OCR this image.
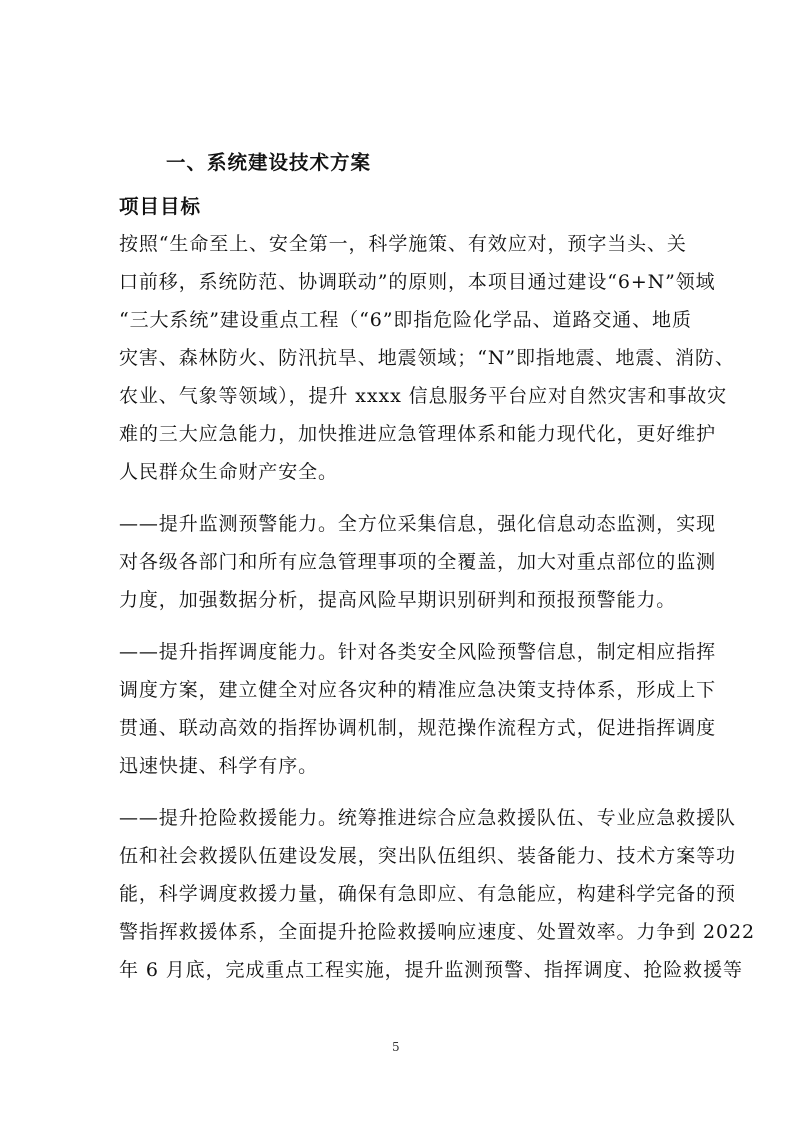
一、系统建设技术方案
项目目标
按照“生命至上、安全第一，科学施策、有效应对，预字当头、关
口前移，系统防范、协调联动”的原则，本项目通过建设“6+N”领域
“三大系统”建设重点工程（“6”即指危险化学品、道路交通、地质
灾害、森林防火、防汛抗旱、地震领域；“N”即指地震、地震、消防、
农业、气象等领域），提升 xxxx 信息服务平台应对自然灾害和事故灾
难的三大应急能力，加快推进应急管理体系和能力现代化，更好维护
人民群众生命财产安全。
——提升监测预警能力。全方位采集信息，强化信息动态监测，实现
对各级各部门和所有应急管理事项的全覆盖，加大对重点部位的监测
力度，加强数据分析，提高风险早期识别研判和预报预警能力。
——提升指挥调度能力。针对各类安全风险预警信息，制定相应指挥
调度方案，建立健全对应各灾种的精准应急决策支持体系，形成上下
贯通、联动高效的指挥协调机制，规范操作流程方式，促进指挥调度
迅速快捷、科学有序。
——提升抢险救援能力。统筹推进综合应急救援队伍、专业应急救援队
伍和社会救援队伍建设发展，突出队伍组织、装备能力、技术方案等功
能，科学调度救援力量，确保有急即应、有急能应，构建科学完备的预
警指挥救援体系，全面提升抢险救援响应速度、处置效率。力争到 2022
年 6 月底，完成重点工程实施，提升监测预警、指挥调度、抢险救援等
5
